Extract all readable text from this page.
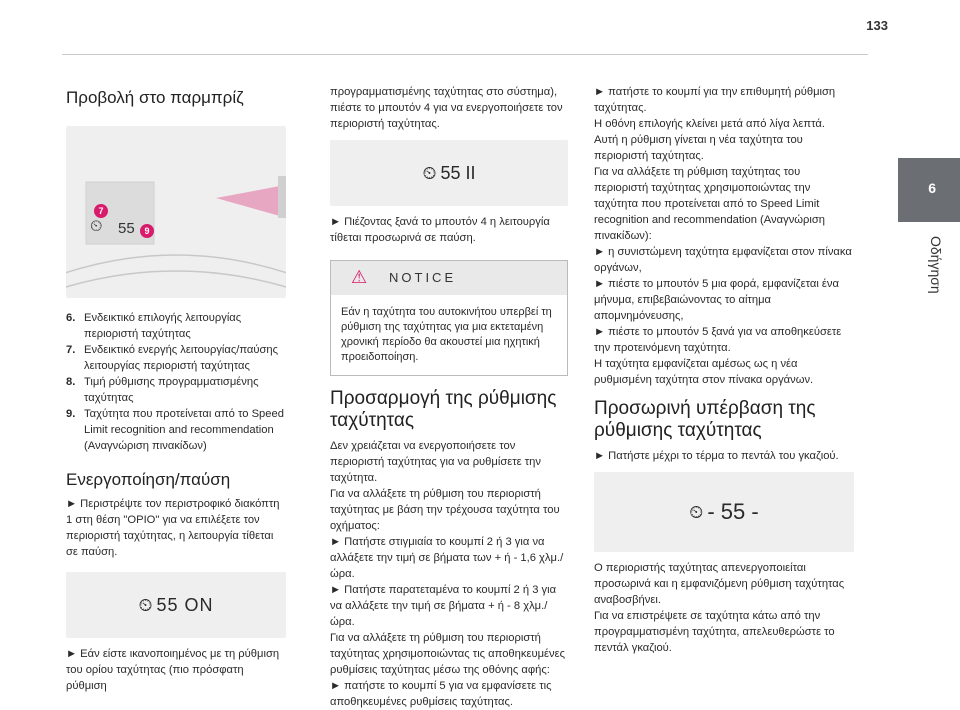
133
6
Οδήγηση
Προβολή στο παρμπρίζ
⏲ 55
7
9
6. Ενδεικτικό επιλογής λειτουργίας περιοριστή ταχύτητας
7. Ενδεικτικό ενεργής λειτουργίας/παύσης λειτουργίας περιοριστή ταχύτητας
8. Τιμή ρύθμισης προγραμματισμένης ταχύτητας
9. Ταχύτητα που προτείνεται από το Speed Limit recognition and recommendation (Αναγνώριση πινακίδων)
Ενεργοποίηση/παύση

► Περιστρέψτε τον περιστροφικό διακόπτη 1 στη θέση "ΟΡΙΟ" για να επιλέξετε τον περιοριστή ταχύτητας, η λειτουργία τίθεται σε παύση.

⏲ 55 ON

► Εάν είστε ικανοποιημένος με τη ρύθμιση του ορίου ταχύτητας (πιο πρόσφατη ρύθμιση

προγραμματισμένης ταχύτητας στο σύστημα), πιέστε το μπουτόν 4 για να ενεργοποιήσετε τον περιοριστή ταχύτητας.

⏲ 55 II

► Πιέζοντας ξανά το μπουτόν 4 η λειτουργία τίθεται προσωρινά σε παύση.

⚠ NOTICE
Εάν η ταχύτητα του αυτοκινήτου υπερβεί τη ρύθμιση της ταχύτητας για μια εκτεταμένη χρονική περίοδο θα ακουστεί μια ηχητική προειδοποίηση.
Προσαρμογή της ρύθμισης ταχύτητας

Δεν χρειάζεται να ενεργοποιήσετε τον περιοριστή ταχύτητας για να ρυθμίσετε την ταχύτητα.

Για να αλλάξετε τη ρύθμιση του περιοριστή ταχύτητας με βάση την τρέχουσα ταχύτητα του οχήματος:

► Πατήστε στιγμιαία το κουμπί 2 ή 3 για να αλλάξετε την τιμή σε βήματα των + ή - 1,6 χλμ./ώρα.

► Πατήστε παρατεταμένα το κουμπί 2 ή 3 για να αλλάξετε την τιμή σε βήματα + ή - 8 χλμ./ώρα.

Για να αλλάξετε τη ρύθμιση του περιοριστή ταχύτητας χρησιμοποιώντας τις αποθηκευμένες ρυθμίσεις ταχύτητας μέσω της οθόνης αφής:

► πατήστε το κουμπί 5 για να εμφανίσετε τις αποθηκευμένες ρυθμίσεις ταχύτητας.

► πατήστε το κουμπί για την επιθυμητή ρύθμιση ταχύτητας.

Η οθόνη επιλογής κλείνει μετά από λίγα λεπτά.

Αυτή η ρύθμιση γίνεται η νέα ταχύτητα του περιοριστή ταχύτητας.

Για να αλλάξετε τη ρύθμιση ταχύτητας του περιοριστή ταχύτητας χρησιμοποιώντας την ταχύτητα που προτείνεται από το Speed Limit recognition and recommendation (Αναγνώριση πινακίδων):

► η συνιστώμενη ταχύτητα εμφανίζεται στον πίνακα οργάνων,

► πιέστε το μπουτόν 5 μια φορά, εμφανίζεται ένα μήνυμα, επιβεβαιώνοντας το αίτημα απομνημόνευσης,

► πιέστε το μπουτόν 5 ξανά για να αποθηκεύσετε την προτεινόμενη ταχύτητα.

Η ταχύτητα εμφανίζεται αμέσως ως η νέα ρυθμισμένη ταχύτητα στον πίνακα οργάνων.

Προσωρινή υπέρβαση της ρύθμισης ταχύτητας

► Πατήστε μέχρι το τέρμα το πεντάλ του γκαζιού.

⏲ - 55 -

Ο περιοριστής ταχύτητας απενεργοποιείται προσωρινά και η εμφανιζόμενη ρύθμιση ταχύτητας αναβοσβήνει.

Για να επιστρέψετε σε ταχύτητα κάτω από την προγραμματισμένη ταχύτητα, απελευθερώστε το πεντάλ γκαζιού.
